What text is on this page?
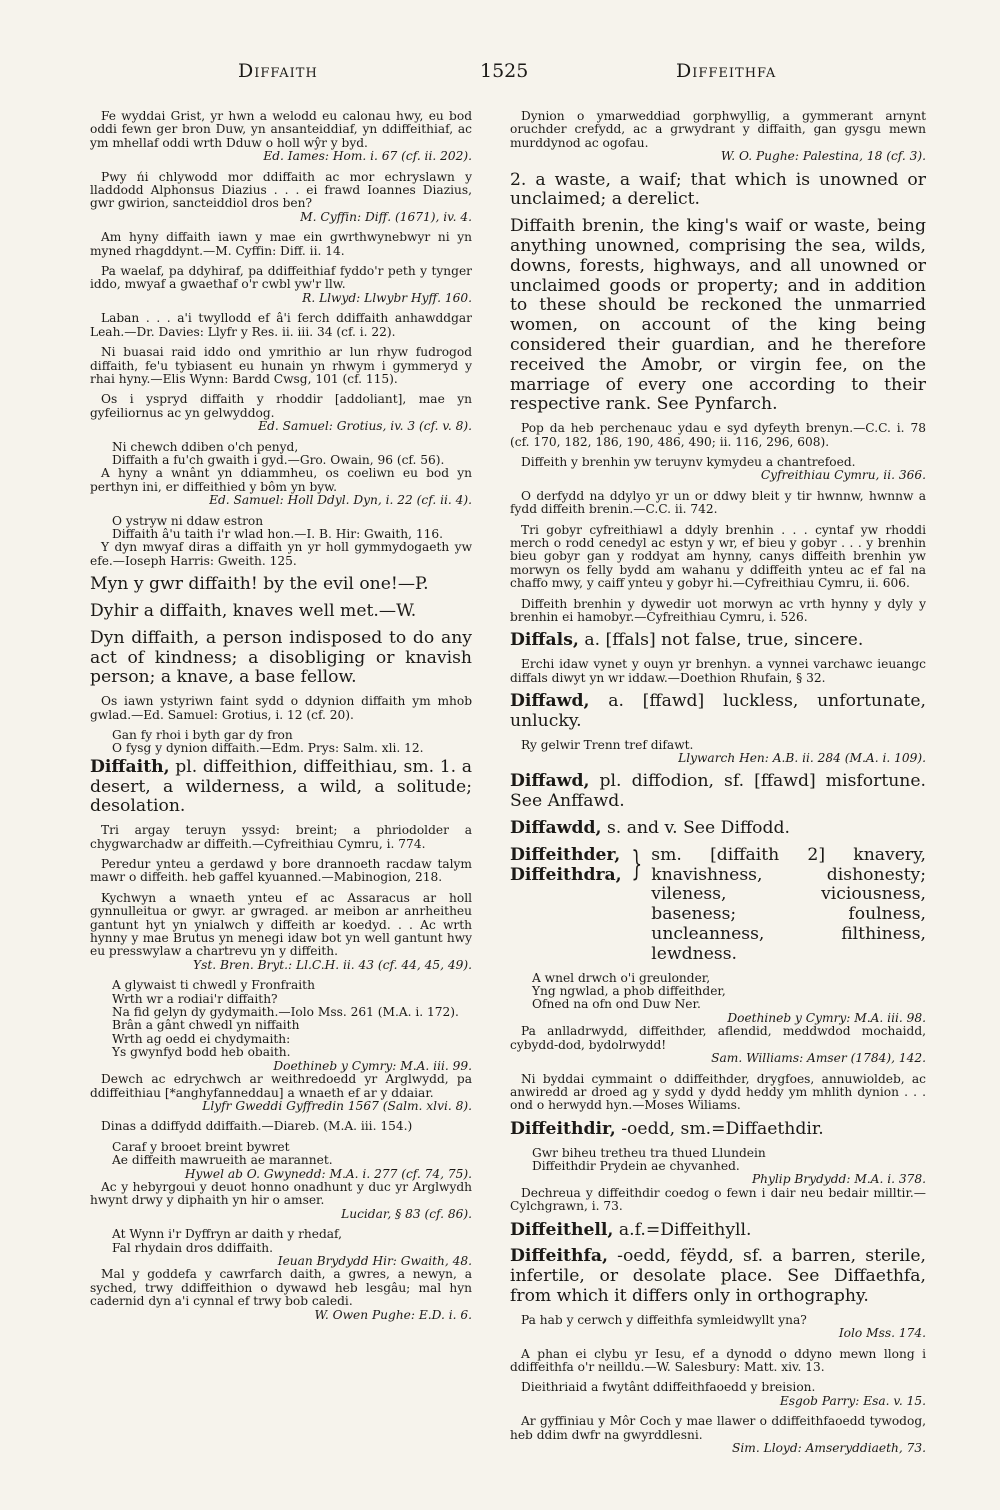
Diffaith	1525	Diffeithfa
Fe wyddai Grist, yr hwn a welodd eu calonau hwy, eu bod oddi fewn ger bron Duw, yn ansanteiddiaf, yn ddiffeithiaf, ac ym mhellaf oddi wrth Dduw o holl wŷr y byd.
Ed. Iames: Hom. i. 67 (cf. ii. 202).
Pwy ńi chlywodd mor ddiffaith ac mor echryslawn y lladdodd Alphonsus Diazius . . . ei frawd Ioannes Diazius, gwr gwirion, sancteiddiol dros ben?
M. Cyffin: Diff. (1671), iv. 4.
Am hyny diffaith iawn y mae ein gwrthwynebwyr ni yn myned rhagddynt.—M. Cyffin: Diff. ii. 14.
Pa waelaf, pa ddyhiraf, pa ddiffeithiaf fyddo'r peth y tynger iddo, mwyaf a gwaethaf o'r cwbl yw'r llw.
R. Llwyd: Llwybr Hyff. 160.
Laban . . . a'i twyllodd ef â'i ferch ddiffaith anhawddgar Leah.—Dr. Davies: Llyfr y Res. ii. iii. 34 (cf. i. 22).
Ni buasai raid iddo ond ymrithio ar lun rhyw fudrogod diffaith, fe'u tybiasent eu hunain yn rhwym i gymmeryd y rhai hyny.—Elis Wynn: Bardd Cwsg, 101 (cf. 115).
Os i yspryd diffaith y rhoddir [addoliant], mae yn gyfeiliornus ac yn gelwyddog.
Ed. Samuel: Grotius, iv. 3 (cf. v. 8).
Ni chewch ddiben o'ch penyd,
Diffaith a fu'ch gwaith i gyd.—Gro. Owain, 96 (cf. 56).
A hyny a wnânt yn ddiammheu, os coeliwn eu bod yn perthyn ini, er diffeithied y bôm yn byw.
Ed. Samuel: Holl Ddyl. Dyn, i. 22 (cf. ii. 4).
O ystryw ni ddaw estron
Diffaith â'u taith i'r wlad hon.—I. B. Hir: Gwaith, 116.
Y dyn mwyaf diras a diffaith yn yr holl gymmydogaeth yw efe.—Ioseph Harris: Gweith. 125.
Myn y gwr diffaith! by the evil one!—P.
Dyhir a diffaith, knaves well met.—W.
Dyn diffaith, a person indisposed to do any act of kindness; a disobliging or knavish person; a knave, a base fellow.
Os iawn ystyriwn faint sydd o ddynion diffaith ym mhob gwlad.—Ed. Samuel: Grotius, i. 12 (cf. 20).
Gan fy rhoi i byth gar dy fron
O fysg y dynion diffaith.—Edm. Prys: Salm. xli. 12.
Diffaith, pl. diffeithion, diffeithiau, sm. 1. a desert, a wilderness, a wild, a solitude; desolation.
Tri argay teruyn yssyd: breint; a phriodolder a chygwarchadw ar diffeith.—Cyfreithiau Cymru, i. 774.
Peredur ynteu a gerdawd y bore drannoeth racdaw talym mawr o diffeith. heb gaffel kyuanned.—Mabinogion, 218.
Kychwyn a wnaeth ynteu ef ac Assaracus ar holl gynnulleitua or gwyr. ar gwraged. ar meibon ar anrheitheu gantunt hyt yn ynialwch y diffeith ar koedyd. . . Ac wrth hynny y mae Brutus yn menegi idaw bot yn well gantunt hwy eu presswylaw a chartrevu yn y diffeith.
Yst. Bren. Bryt.: Ll.C.H. ii. 43 (cf. 44, 45, 49).
A glywaist ti chwedl y Fronfraith
Wrth wr a rodiai'r diffaith?
Na fid gelyn dy gydymaith.—Iolo Mss. 261 (M.A. i. 172).
Brân a gânt chwedl yn niffaith
Wrth ag oedd ei chydymaith:
Ys gwynfyd bodd heb obaith.
Doethineb y Cymry: M.A. iii. 99.
Dewch ac edrychwch ar weithredoedd yr Arglwydd, pa ddiffeithiau [*anghyfanneddau] a wnaeth ef ar y ddaiar.
Llyfr Gweddi Gyffredin 1567 (Salm. xlvi. 8).
Dinas a ddiffydd ddiffaith.—Diareb. (M.A. iii. 154.)
Caraf y brooet breint bywret
Ae diffeith mawrueith ae marannet.
Hywel ab O. Gwynedd: M.A. i. 277 (cf. 74, 75).
Ac y hebyrgoui y deuot honno onadhunt y duc yr Arglwydh hwynt drwy y diphaith yn hir o amser.
Lucidar, § 83 (cf. 86).
At Wynn i'r Dyffryn ar daith y rhedaf,
Fal rhydain dros ddiffaith.
Ieuan Brydydd Hir: Gwaith, 48.
Mal y goddefa y cawrfarch daith, a gwres, a newyn, a syched, trwy ddiffeithion o dywawd heb lesgâu; mal hyn cadernid dyn a'i cynnal ef trwy bob caledi.
W. Owen Pughe: E.D. i. 6.
Dynion o ymarweddiad gorphwyllig, a gymmerant arnynt oruchder crefydd, ac a grwydrant y diffaith, gan gysgu mewn murddynod ac ogofau.
W. O. Pughe: Palestina, 18 (cf. 3).
2. a waste, a waif; that which is unowned or unclaimed; a derelict.
Diffaith brenin, the king's waif or waste, being anything unowned, comprising the sea, wilds, downs, forests, highways, and all unowned or unclaimed goods or property; and in addition to these should be reckoned the unmarried women, on account of the king being considered their guardian, and he therefore received the Amobr, or virgin fee, on the marriage of every one according to their respective rank. See Pynfarch.
Pop da heb perchenauc ydau e syd dyfeyth brenyn.—C.C. i. 78 (cf. 170, 182, 186, 190, 486, 490; ii. 116, 296, 608).
Diffeith y brenhin yw teruynv kymydeu a chantrefoed.
Cyfreithiau Cymru, ii. 366.
O derfydd na ddylyo yr un or ddwy bleit y tir hwnnw, hwnnw a fydd diffeith brenin.—C.C. ii. 742.
Tri gobyr cyfreithiawl a ddyly brenhin . . . cyntaf yw rhoddi merch o rodd cenedyl ac estyn y wr, ef bieu y gobyr . . . y brenhin bieu gobyr gan y roddyat am hynny, canys diffeith brenhin yw morwyn os felly bydd am wahanu y ddiffeith ynteu ac ef fal na chaffo mwy, y caiff ynteu y gobyr hi.—Cyfreithiau Cymru, ii. 606.
Diffeith brenhin y dywedir uot morwyn ac vrth hynny y dyly y brenhin ei hamobyr.—Cyfreithiau Cymru, i. 526.
Diffals, a. [ffals] not false, true, sincere.
Erchi idaw vynet y ouyn yr brenhyn. a vynnei varchawc ieuangc diffals diwyt yn wr iddaw.—Doethion Rhufain, § 32.
Diffawd, a. [ffawd] luckless, unfortunate, unlucky.
Ry gelwir Trenn tref difawt.
Llywarch Hen: A.B. ii. 284 (M.A. i. 109).
Diffawd, pl. diffodion, sf. [ffawd] misfortune. See Anffawd.
Diffawdd, s. and v. See Diffodd.
Diffeithder,
Diffeithdra, } sm. [diffaith 2] knavery, knavishness, dishonesty; vileness, viciousness, baseness; foulness, uncleanness, filthiness, lewdness.
A wnel drwch o'i greulonder,
Yng ngwlad, a phob diffeithder,
Ofned na ofn ond Duw Ner.
Doethineb y Cymry: M.A. iii. 98.
Pa anlladrwydd, diffeithder, aflendid, meddwdod mochaidd, cybydd-dod, bydolrwydd!
Sam. Williams: Amser (1784), 142.
Ni byddai cymmaint o ddiffeithder, drygfoes, annuwioldeb, ac anwiredd ar droed ag y sydd y dydd heddy ym mhlith dynion . . . ond o herwydd hyn.—Moses Wiliams.
Diffeithdir, -oedd, sm.=Diffaethdir.
Gwr biheu tretheu tra thued Llundein
Diffeithdir Prydein ae chyvanhed.
Phylip Brydydd: M.A. i. 378.
Dechreua y diffeithdir coedog o fewn i dair neu bedair milltir.—Cylchgrawn, i. 73.
Diffeithell, a.f.=Diffeithyll.
Diffeithfa, -oedd, fëydd, sf. a barren, sterile, infertile, or desolate place. See Diffaethfa, from which it differs only in orthography.
Pa hab y cerwch y diffeithfa symleidwyllt yna?
Iolo Mss. 174.
A phan ei clybu yr Iesu, ef a dynodd o ddyno mewn llong i ddiffeithfa o'r neilldu.—W. Salesbury: Matt. xiv. 13.
Dieithriaid a fwytânt ddiffeithfaoedd y breision.
Esgob Parry: Esa. v. 15.
Ar gyffiniau y Môr Coch y mae llawer o ddiffeithfaoedd tywodog, heb ddim dwfr na gwyrddlesni.
Sim. Lloyd: Amseryddiaeth, 73.
